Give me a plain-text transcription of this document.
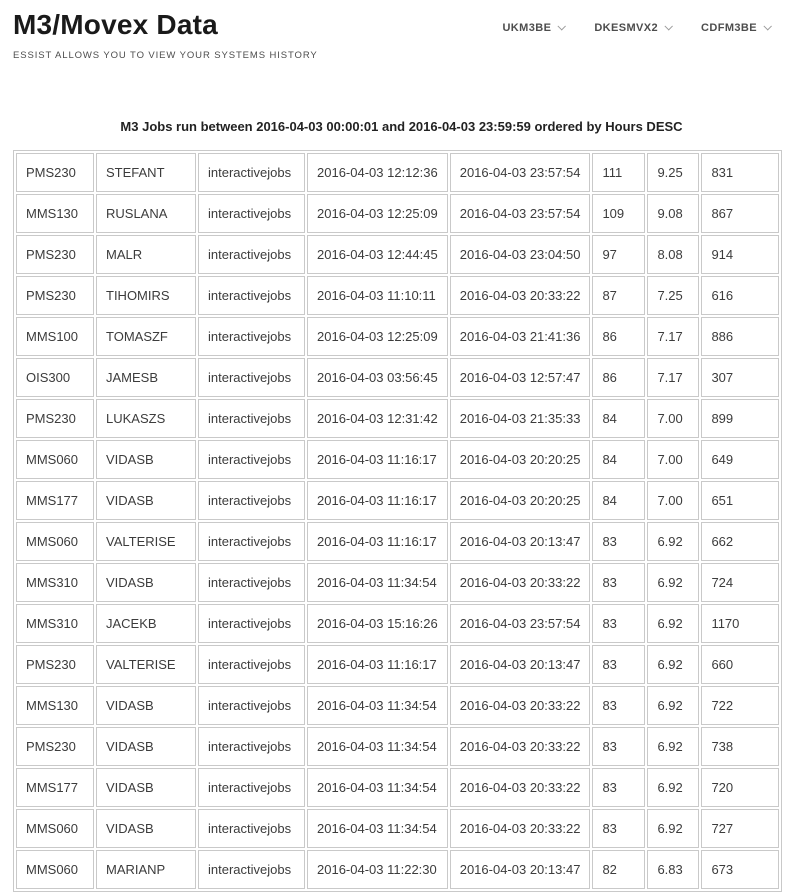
M3/Movex Data
ESSIST ALLOWS YOU TO VIEW YOUR SYSTEMS HISTORY
UKM3BE	DKESMVX2	CDFM3BE
M3 Jobs run between 2016-04-03 00:00:01 and 2016-04-03 23:59:59 ordered by Hours DESC
PMS230	STEFANT	interactivejobs	2016-04-03 12:12:36	2016-04-03 23:57:54	111	9.25	831
MMS130	RUSLANA	interactivejobs	2016-04-03 12:25:09	2016-04-03 23:57:54	109	9.08	867
PMS230	MALR	interactivejobs	2016-04-03 12:44:45	2016-04-03 23:04:50	97	8.08	914
PMS230	TIHOMIRS	interactivejobs	2016-04-03 11:10:11	2016-04-03 20:33:22	87	7.25	616
MMS100	TOMASZF	interactivejobs	2016-04-03 12:25:09	2016-04-03 21:41:36	86	7.17	886
OIS300	JAMESB	interactivejobs	2016-04-03 03:56:45	2016-04-03 12:57:47	86	7.17	307
PMS230	LUKASZS	interactivejobs	2016-04-03 12:31:42	2016-04-03 21:35:33	84	7.00	899
MMS060	VIDASB	interactivejobs	2016-04-03 11:16:17	2016-04-03 20:20:25	84	7.00	649
MMS177	VIDASB	interactivejobs	2016-04-03 11:16:17	2016-04-03 20:20:25	84	7.00	651
MMS060	VALTERISE	interactivejobs	2016-04-03 11:16:17	2016-04-03 20:13:47	83	6.92	662
MMS310	VIDASB	interactivejobs	2016-04-03 11:34:54	2016-04-03 20:33:22	83	6.92	724
MMS310	JACEKB	interactivejobs	2016-04-03 15:16:26	2016-04-03 23:57:54	83	6.92	1170
PMS230	VALTERISE	interactivejobs	2016-04-03 11:16:17	2016-04-03 20:13:47	83	6.92	660
MMS130	VIDASB	interactivejobs	2016-04-03 11:34:54	2016-04-03 20:33:22	83	6.92	722
PMS230	VIDASB	interactivejobs	2016-04-03 11:34:54	2016-04-03 20:33:22	83	6.92	738
MMS177	VIDASB	interactivejobs	2016-04-03 11:34:54	2016-04-03 20:33:22	83	6.92	720
MMS060	VIDASB	interactivejobs	2016-04-03 11:34:54	2016-04-03 20:33:22	83	6.92	727
MMS060	MARIANP	interactivejobs	2016-04-03 11:22:30	2016-04-03 20:13:47	82	6.83	673
